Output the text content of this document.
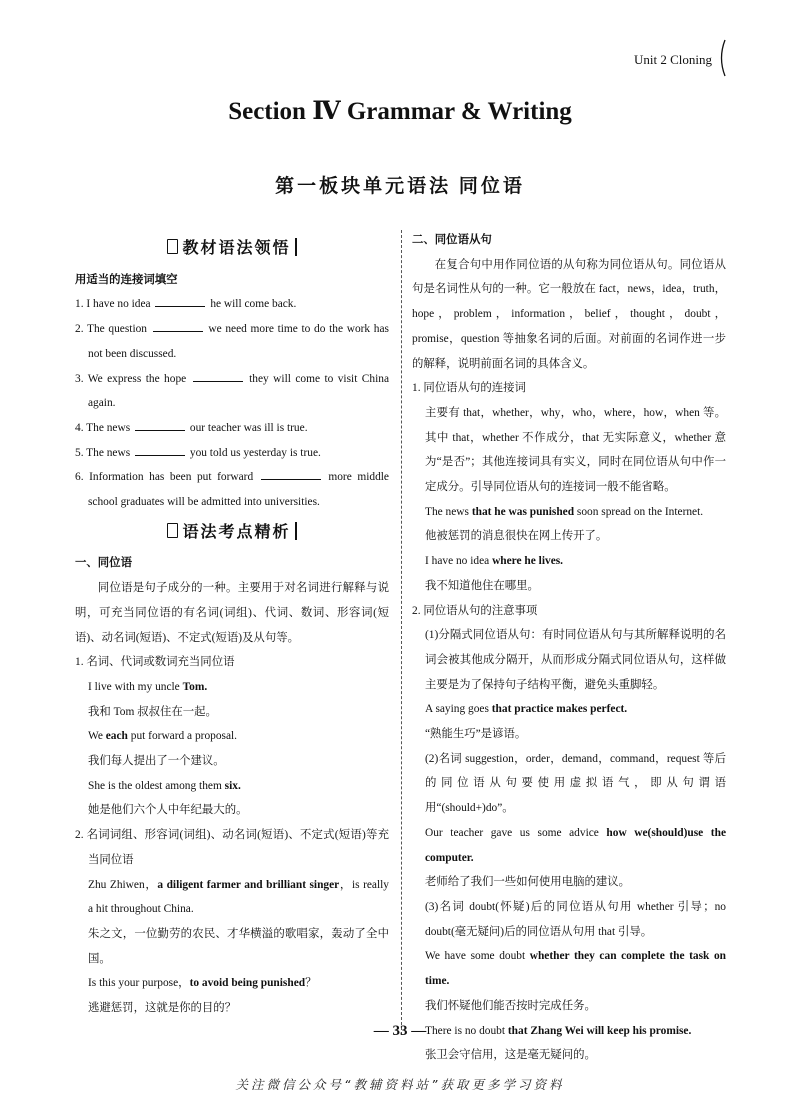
Unit 2 Cloning
Section Ⅳ Grammar & Writing
第一板块单元语法 同位语
教材语法领悟

用适当的连接词填空

1. I have no idea	he will come back.

2. The question	we need more time to do the work has not been discussed.

3. We express the hope	they will come to visit China again.

4. The news	our teacher was ill is true.

5. The news	you told us yesterday is true.

6. Information has been put forward	more middle school graduates will be admitted into universities.

语法考点精析

一、同位语

同位语是句子成分的一种。主要用于对名词进行解释与说明，可充当同位语的有名词(词组)、代词、数词、形容词(短语)、动名词(短语)、不定式(短语)及从句等。

1. 名词、代词或数词充当同位语

I live with my uncle Tom.

我和 Tom 叔叔住在一起。

We each put forward a proposal.

我们每人提出了一个建议。

She is the oldest among them six.

她是他们六个人中年纪最大的。

2. 名词词组、形容词(词组)、动名词(短语)、不定式(短语)等充当同位语

Zhu Zhiwen，a diligent farmer and brilliant singer，is really a hit throughout China.

朱之文，一位勤劳的农民、才华横溢的歌唱家，轰动了全中国。

Is this your purpose，to avoid being punished？

逃避惩罚，这就是你的目的？

二、同位语从句

在复合句中用作同位语的从句称为同位语从句。同位语从句是名词性从句的一种。它一般放在 fact，news，idea，truth，hope，problem，information，belief，thought，doubt，promise，question 等抽象名词的后面。对前面的名词作进一步的解释，说明前面名词的具体含义。

1. 同位语从句的连接词

主要有 that，whether，why，who，where，how，when 等。其中 that，whether 不作成分，that 无实际意义，whether 意为“是否”；其他连接词具有实义，同时在同位语从句中作一定成分。引导同位语从句的连接词一般不能省略。

The news that he was punished soon spread on the Internet.

他被惩罚的消息很快在网上传开了。

I have no idea where he lives.

我不知道他住在哪里。

2. 同位语从句的注意事项

(1)分隔式同位语从句：有时同位语从句与其所解释说明的名词会被其他成分隔开，从而形成分隔式同位语从句，这样做主要是为了保持句子结构平衡，避免头重脚轻。

A saying goes that practice makes perfect.

“熟能生巧”是谚语。

(2)名词 suggestion，order，demand，command，request 等后的同位语从句要使用虚拟语气，即从句谓语用“(should+)do”。

Our teacher gave us some advice how we(should)use the computer.

老师给了我们一些如何使用电脑的建议。

(3)名词 doubt(怀疑)后的同位语从句用 whether 引导；no doubt(毫无疑问)后的同位语从句用 that 引导。

We have some doubt whether they can complete the task on time.

我们怀疑他们能否按时完成任务。

There is no doubt that Zhang Wei will keep his promise.

张卫会守信用，这是毫无疑问的。

— 33 —
关注微信公众号“教辅资料站”获取更多学习资料
